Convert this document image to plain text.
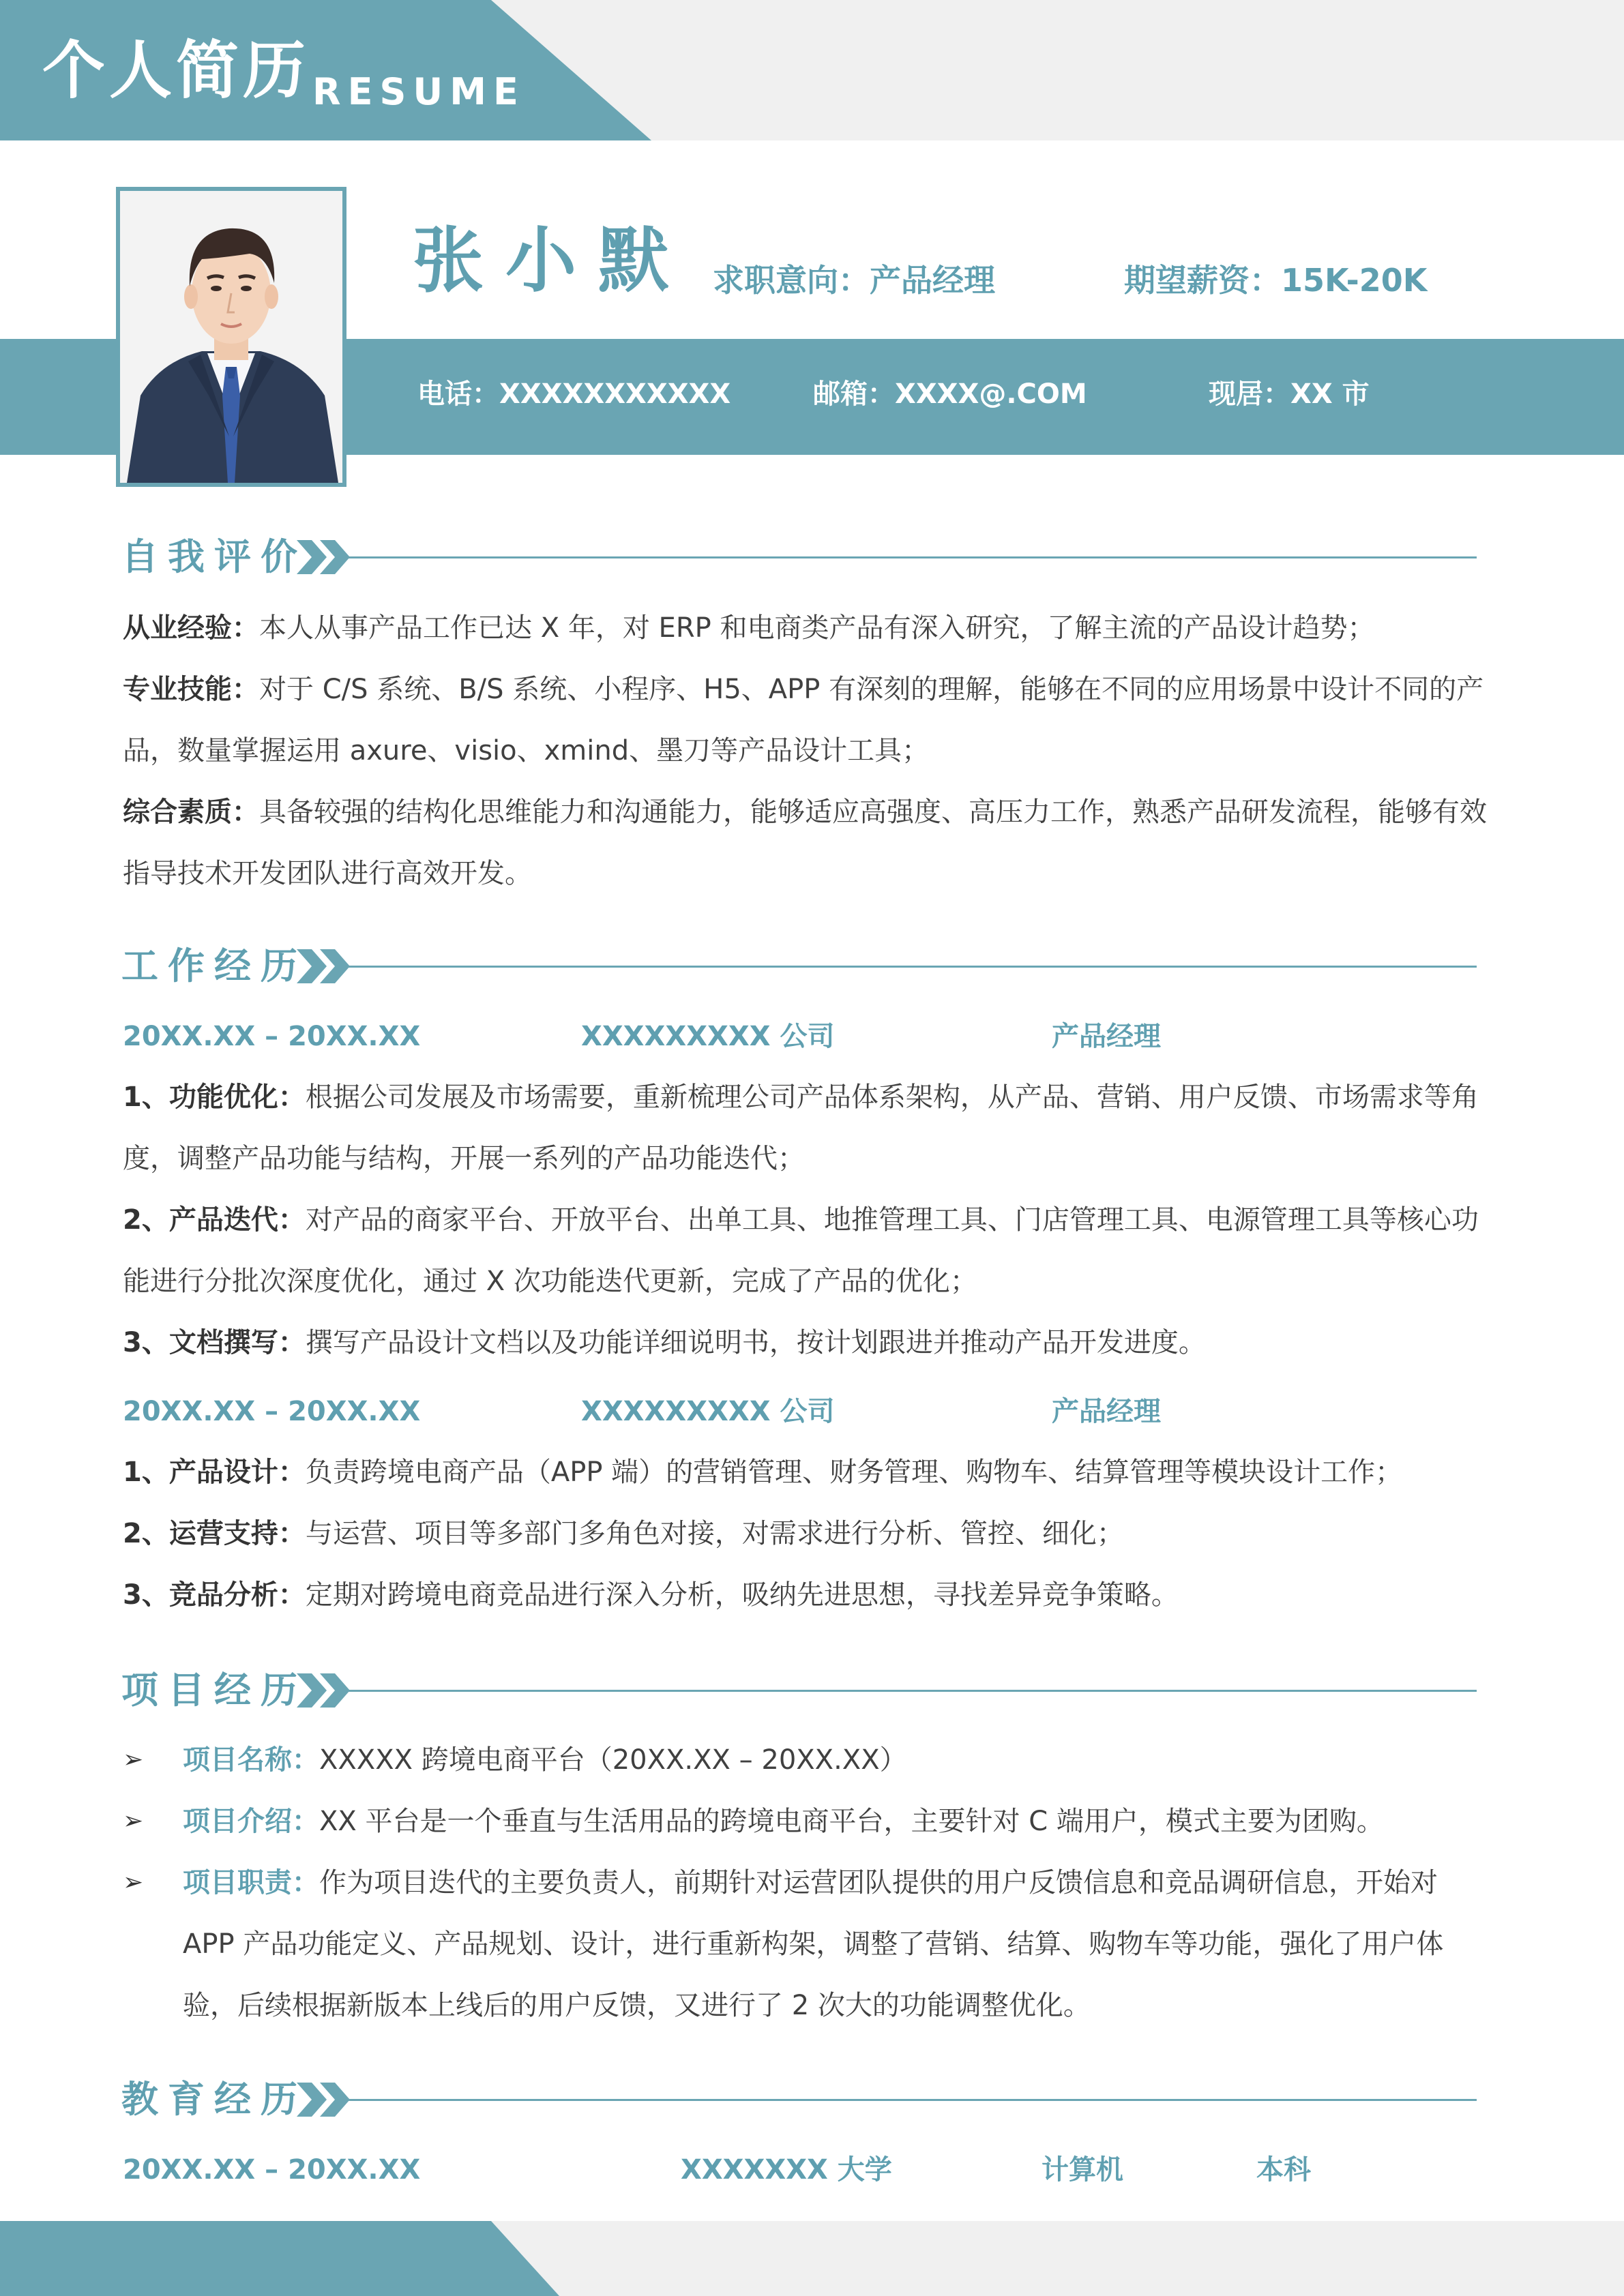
个人简历 RESUME
张小默 求职意向：产品经理	期望薪资：15K-20K
电话：XXXXXXXXXXX	邮箱：XXXX@.COM	现居：XX 市
自我评价
从业经验：本人从事产品工作已达 X 年，对 ERP 和电商类产品有深入研究，了解主流的产品设计趋势；
专业技能：对于 C/S 系统、B/S 系统、小程序、H5、APP 有深刻的理解，能够在不同的应用场景中设计不同的产品，数量掌握运用 axure、visio、xmind、墨刀等产品设计工具；
综合素质：具备较强的结构化思维能力和沟通能力，能够适应高强度、高压力工作，熟悉产品研发流程，能够有效指导技术开发团队进行高效开发。
工作经历
20XX.XX – 20XX.XX	XXXXXXXXX 公司	产品经理
1、功能优化：根据公司发展及市场需要，重新梳理公司产品体系架构，从产品、营销、用户反馈、市场需求等角度，调整产品功能与结构，开展一系列的产品功能迭代；
2、产品迭代：对产品的商家平台、开放平台、出单工具、地推管理工具、门店管理工具、电源管理工具等核心功能进行分批次深度优化，通过 X 次功能迭代更新，完成了产品的优化；
3、文档撰写：撰写产品设计文档以及功能详细说明书，按计划跟进并推动产品开发进度。
20XX.XX – 20XX.XX	XXXXXXXXX 公司	产品经理
1、产品设计：负责跨境电商产品（APP 端）的营销管理、财务管理、购物车、结算管理等模块设计工作；
2、运营支持：与运营、项目等多部门多角色对接，对需求进行分析、管控、细化；
3、竞品分析：定期对跨境电商竞品进行深入分析，吸纳先进思想，寻找差异竞争策略。
项目经历
➢ 项目名称：XXXXX 跨境电商平台（20XX.XX – 20XX.XX）
➢ 项目介绍：XX 平台是一个垂直与生活用品的跨境电商平台，主要针对 C 端用户，模式主要为团购。
➢ 项目职责：作为项目迭代的主要负责人，前期针对运营团队提供的用户反馈信息和竞品调研信息，开始对 APP 产品功能定义、产品规划、设计，进行重新构架，调整了营销、结算、购物车等功能，强化了用户体验，后续根据新版本上线后的用户反馈，又进行了 2 次大的功能调整优化。
教育经历
20XX.XX – 20XX.XX	XXXXXXX 大学	计算机	本科
